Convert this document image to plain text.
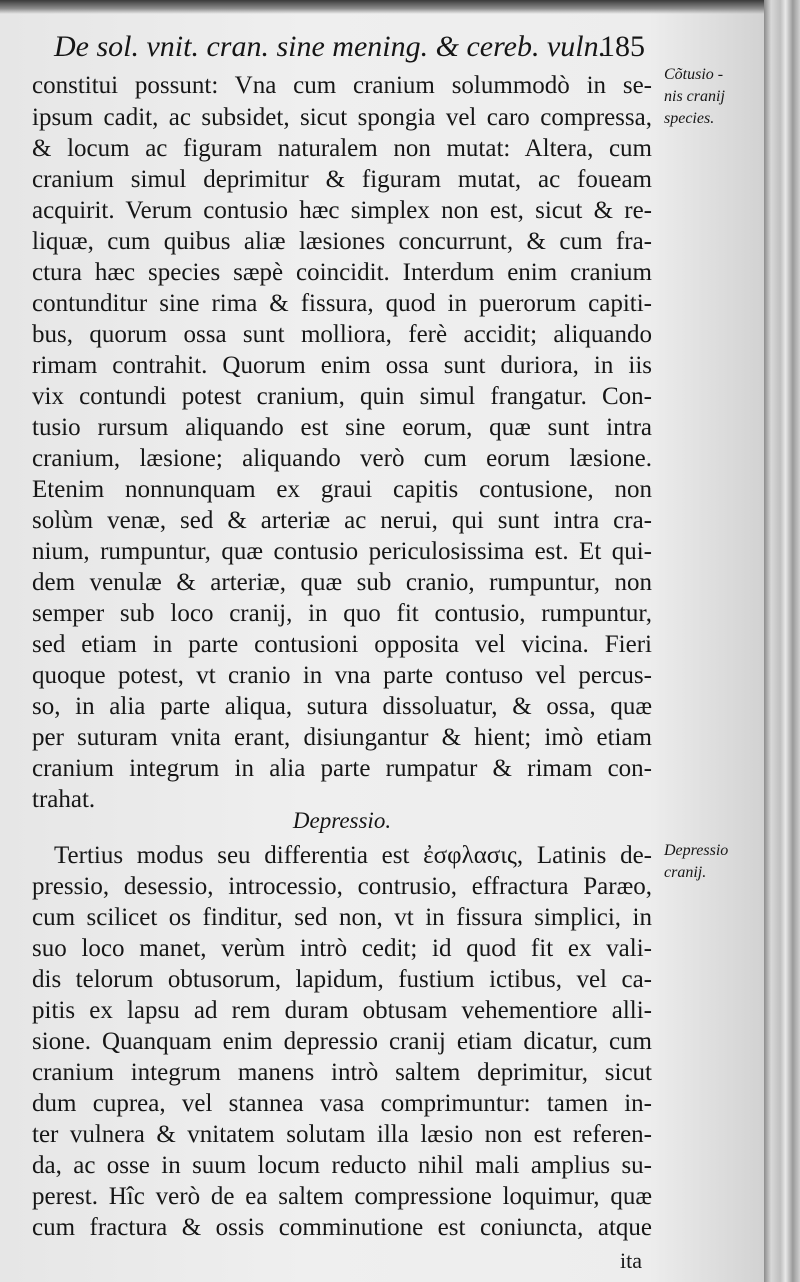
De sol. vnit. cran. sine mening. & cereb. vuln.
185
Cõtusio -
nis cranij
species.
Depressio
cranij.
constitui possunt: Vna cum cranium solummodò in se-
ipsum cadit, ac subsidet, sicut spongia vel caro compressa,
& locum ac figuram naturalem non mutat: Altera, cum
cranium simul deprimitur & figuram mutat, ac foueam
acquirit. Verum contusio hæc simplex non est, sicut & re-
liquæ, cum quibus aliæ læsiones concurrunt, & cum fra-
ctura hæc species sæpè coincidit. Interdum enim cranium
contunditur sine rima & fissura, quod in puerorum capiti-
bus, quorum ossa sunt molliora, ferè accidit; aliquando
rimam contrahit. Quorum enim ossa sunt duriora, in iis
vix contundi potest cranium, quin simul frangatur. Con-
tusio rursum aliquando est sine eorum, quæ sunt intra
cranium, læsione; aliquando verò cum eorum læsione.
Etenim nonnunquam ex graui capitis contusione, non
solùm venæ, sed & arteriæ ac nerui, qui sunt intra cra-
nium, rumpuntur, quæ contusio periculosissima est. Et qui-
dem venulæ & arteriæ, quæ sub cranio, rumpuntur, non
semper sub loco cranij, in quo fit contusio, rumpuntur,
sed etiam in parte contusioni opposita vel vicina. Fieri
quoque potest, vt cranio in vna parte contuso vel percus-
so, in alia parte aliqua, sutura dissoluatur, & ossa, quæ
per suturam vnita erant, disiungantur & hient; imò etiam
cranium integrum in alia parte rumpatur & rimam con-
trahat.
Depressio.
Tertius modus seu differentia est ἐσφλασις, Latinis de-
pressio, desessio, introcessio, contrusio, effractura Paræo,
cum scilicet os finditur, sed non, vt in fissura simplici, in
suo loco manet, verùm intrò cedit; id quod fit ex vali-
dis telorum obtusorum, lapidum, fustium ictibus, vel ca-
pitis ex lapsu ad rem duram obtusam vehementiore alli-
sione. Quanquam enim depressio cranij etiam dicatur, cum
cranium integrum manens intrò saltem deprimitur, sicut
dum cuprea, vel stannea vasa comprimuntur: tamen in-
ter vulnera & vnitatem solutam illa læsio non est referen-
da, ac osse in suum locum reducto nihil mali amplius su-
perest. Hîc verò de ea saltem compressione loquimur, quæ
cum fractura & ossis comminutione est coniuncta, atque
ita
